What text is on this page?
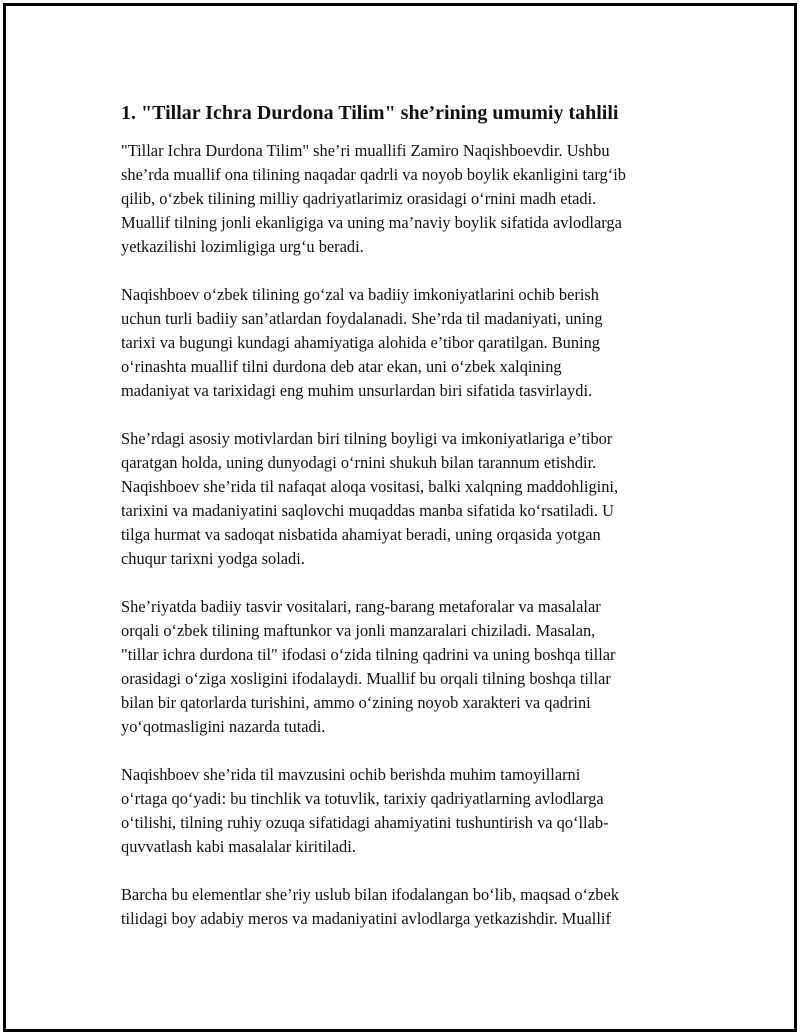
1. "Tillar Ichra Durdona Tilim" she’rining umumiy tahlili
"Tillar Ichra Durdona Tilim" she’ri muallifi Zamiro Naqishboevdir. Ushbu
she’rda muallif ona tilining naqadar qadrli va noyob boylik ekanligini targ‘ib
qilib, o‘zbek tilining milliy qadriyatlarimiz orasidagi o‘rnini madh etadi.
Muallif tilning jonli ekanligiga va uning ma’naviy boylik sifatida avlodlarga
yetkazilishi lozimligiga urg‘u beradi.
Naqishboev o‘zbek tilining go‘zal va badiiy imkoniyatlarini ochib berish
uchun turli badiiy san’atlardan foydalanadi. She’rda til madaniyati, uning
tarixi va bugungi kundagi ahamiyatiga alohida e’tibor qaratilgan. Buning
o‘rinashta muallif tilni durdona deb atar ekan, uni o‘zbek xalqining
madaniyat va tarixidagi eng muhim unsurlardan biri sifatida tasvirlaydi.
She’rdagi asosiy motivlardan biri tilning boyligi va imkoniyatlariga e’tibor
qaratgan holda, uning dunyodagi o‘rnini shukuh bilan tarannum etishdir.
Naqishboev she’rida til nafaqat aloqa vositasi, balki xalqning maddohligini,
tarixini va madaniyatini saqlovchi muqaddas manba sifatida ko‘rsatiladi. U
tilga hurmat va sadoqat nisbatida ahamiyat beradi, uning orqasida yotgan
chuqur tarixni yodga soladi.
She’riyatda badiiy tasvir vositalari, rang-barang metaforalar va masalalar
orqali o‘zbek tilining maftunkor va jonli manzaralari chiziladi. Masalan,
"tillar ichra durdona til" ifodasi o‘zida tilning qadrini va uning boshqa tillar
orasidagi o‘ziga xosligini ifodalaydi. Muallif bu orqali tilning boshqa tillar
bilan bir qatorlarda turishini, ammo o‘zining noyob xarakteri va qadrini
yo‘qotmasligini nazarda tutadi.
Naqishboev she’rida til mavzusini ochib berishda muhim tamoyillarni
o‘rtaga qo‘yadi: bu tinchlik va totuvlik, tarixiy qadriyatlarning avlodlarga
o‘tilishi, tilning ruhiy ozuqa sifatidagi ahamiyatini tushuntirish va qo‘llab-
quvvatlash kabi masalalar kiritiladi.
Barcha bu elementlar she’riy uslub bilan ifodalangan bo‘lib, maqsad o‘zbek
tilidagi boy adabiy meros va madaniyatini avlodlarga yetkazishdir. Muallif
